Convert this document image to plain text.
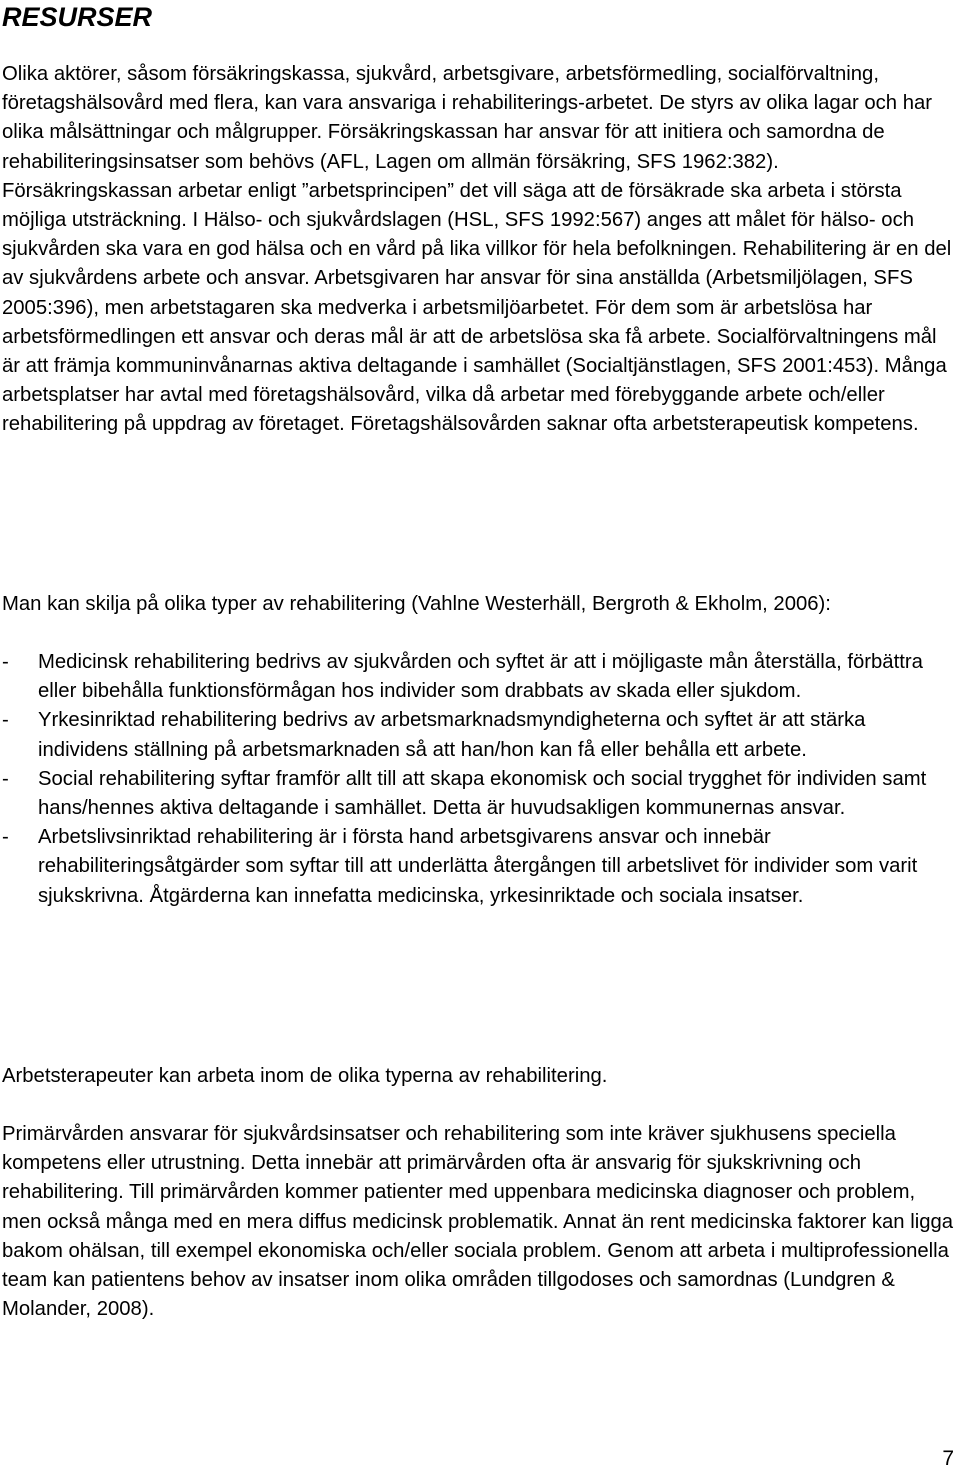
RESURSER

Olika aktörer, såsom försäkringskassa, sjukvård, arbetsgivare, arbetsförmedling, socialförvaltning, företagshälsovård med flera, kan vara ansvariga i rehabiliterings-arbetet. De styrs av olika lagar och har olika målsättningar och målgrupper. Försäkringskassan har ansvar för att initiera och samordna de rehabiliteringsinsatser som behövs (AFL, Lagen om allmän försäkring, SFS 1962:382). Försäkringskassan arbetar enligt ”arbetsprincipen” det vill säga att de försäkrade ska arbeta i största möjliga utsträckning. I Hälso- och sjukvårdslagen (HSL, SFS 1992:567) anges att målet för hälso- och sjukvården ska vara en god hälsa och en vård på lika villkor för hela befolkningen. Rehabilitering är en del av sjukvårdens arbete och ansvar. Arbetsgivaren har ansvar för sina anställda (Arbetsmiljölagen, SFS 2005:396), men arbetstagaren ska medverka i arbetsmiljöarbetet. För dem som är arbetslösa har arbetsförmedlingen ett ansvar och deras mål är att de arbetslösa ska få arbete. Socialförvaltningens mål är att främja kommuninvånarnas aktiva deltagande i samhället (Socialtjänstlagen, SFS 2001:453). Många arbetsplatser har avtal med företagshälsovård, vilka då arbetar med förebyggande arbete och/eller rehabilitering på uppdrag av företaget. Företagshälsovården saknar ofta arbetsterapeutisk kompetens.

Man kan skilja på olika typer av rehabilitering (Vahlne Westerhäll, Bergroth & Ekholm, 2006):

- Medicinsk rehabilitering bedrivs av sjukvården och syftet är att i möjligaste mån återställa, förbättra eller bibehålla funktionsförmågan hos individer som drabbats av skada eller sjukdom.
- Yrkesinriktad rehabilitering bedrivs av arbetsmarknadsmyndigheterna och syftet är att stärka individens ställning på arbetsmarknaden så att han/hon kan få eller behålla ett arbete.
- Social rehabilitering syftar framför allt till att skapa ekonomisk och social trygghet för individen samt hans/hennes aktiva deltagande i samhället. Detta är huvudsakligen kommunernas ansvar.
- Arbetslivsinriktad rehabilitering är i första hand arbetsgivarens ansvar och innebär rehabiliteringsåtgärder som syftar till att underlätta återgången till arbetslivet för individer som varit sjukskrivna. Åtgärderna kan innefatta medicinska, yrkesinriktade och sociala insatser.

Arbetsterapeuter kan arbeta inom de olika typerna av rehabilitering.

Primärvården ansvarar för sjukvårdsinsatser och rehabilitering som inte kräver sjukhusens speciella kompetens eller utrustning. Detta innebär att primärvården ofta är ansvarig för sjukskrivning och rehabilitering. Till primärvården kommer patienter med uppenbara medicinska diagnoser och problem, men också många med en mera diffus medicinsk problematik. Annat än rent medicinska faktorer kan ligga bakom ohälsan, till exempel ekonomiska och/eller sociala problem. Genom att arbeta i multiprofessionella team kan patientens behov av insatser inom olika områden tillgodoses och samordnas (Lundgren & Molander, 2008).

7
